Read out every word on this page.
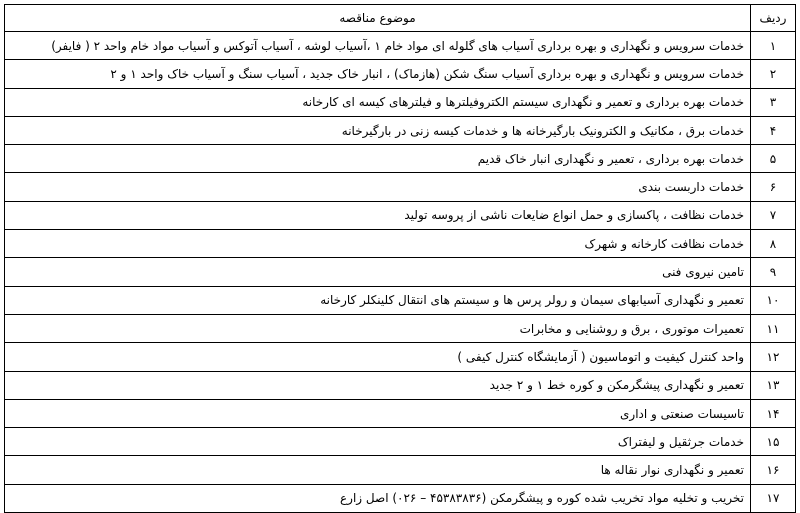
ردیف	موضوع مناقصه
۱	خدمات سرویس و نگهداری و بهره برداری آسیاب های گلوله ای مواد خام ۱ ،آسیاب لوشه ، آسیاب آتوکس و آسیاب مواد خام واحد ۲ ( فایفر)
۲	خدمات سرویس و نگهداری و بهره برداری آسیاب سنگ شکن (هازماک) ، انبار خاک جدید ، آسیاب سنگ و آسیاب خاک واحد ۱ و ۲
۳	خدمات بهره برداری و تعمیر و نگهداری سیستم الکتروفیلترها و فیلترهای کیسه ای کارخانه
۴	خدمات برق ، مکانیک و الکترونیک بارگیرخانه ها و خدمات کیسه زنی در بارگیرخانه
۵	خدمات بهره برداری ، تعمیر و نگهداری انبار خاک قدیم
۶	خدمات داربست بندی
۷	خدمات نظافت ، پاکسازی و حمل انواع ضایعات ناشی از پروسه تولید
۸	خدمات نظافت کارخانه و شهرک
۹	تامین نیروی فنی
۱۰	تعمیر و نگهداری آسیابهای سیمان و رولر پرس ها و سیستم های انتقال کلینکلر کارخانه
۱۱	تعمیرات موتوری ، برق و روشنایی و مخابرات
۱۲	واحد کنترل کیفیت و اتوماسیون ( آزمایشگاه کنترل کیفی )
۱۳	تعمیر و نگهداری پیشگرمکن و کوره خط ۱ و ۲ جدید
۱۴	تاسیسات صنعتی و اداری
۱۵	خدمات جرثقیل و لیفتراک
۱۶	تعمیر و نگهداری نوار نقاله ها
۱۷	تخریب و تخلیه مواد تخریب شده کوره و پیشگرمکن (۴۵۳۸۳۸۳۶ – ۰۲۶) اصل زارع
